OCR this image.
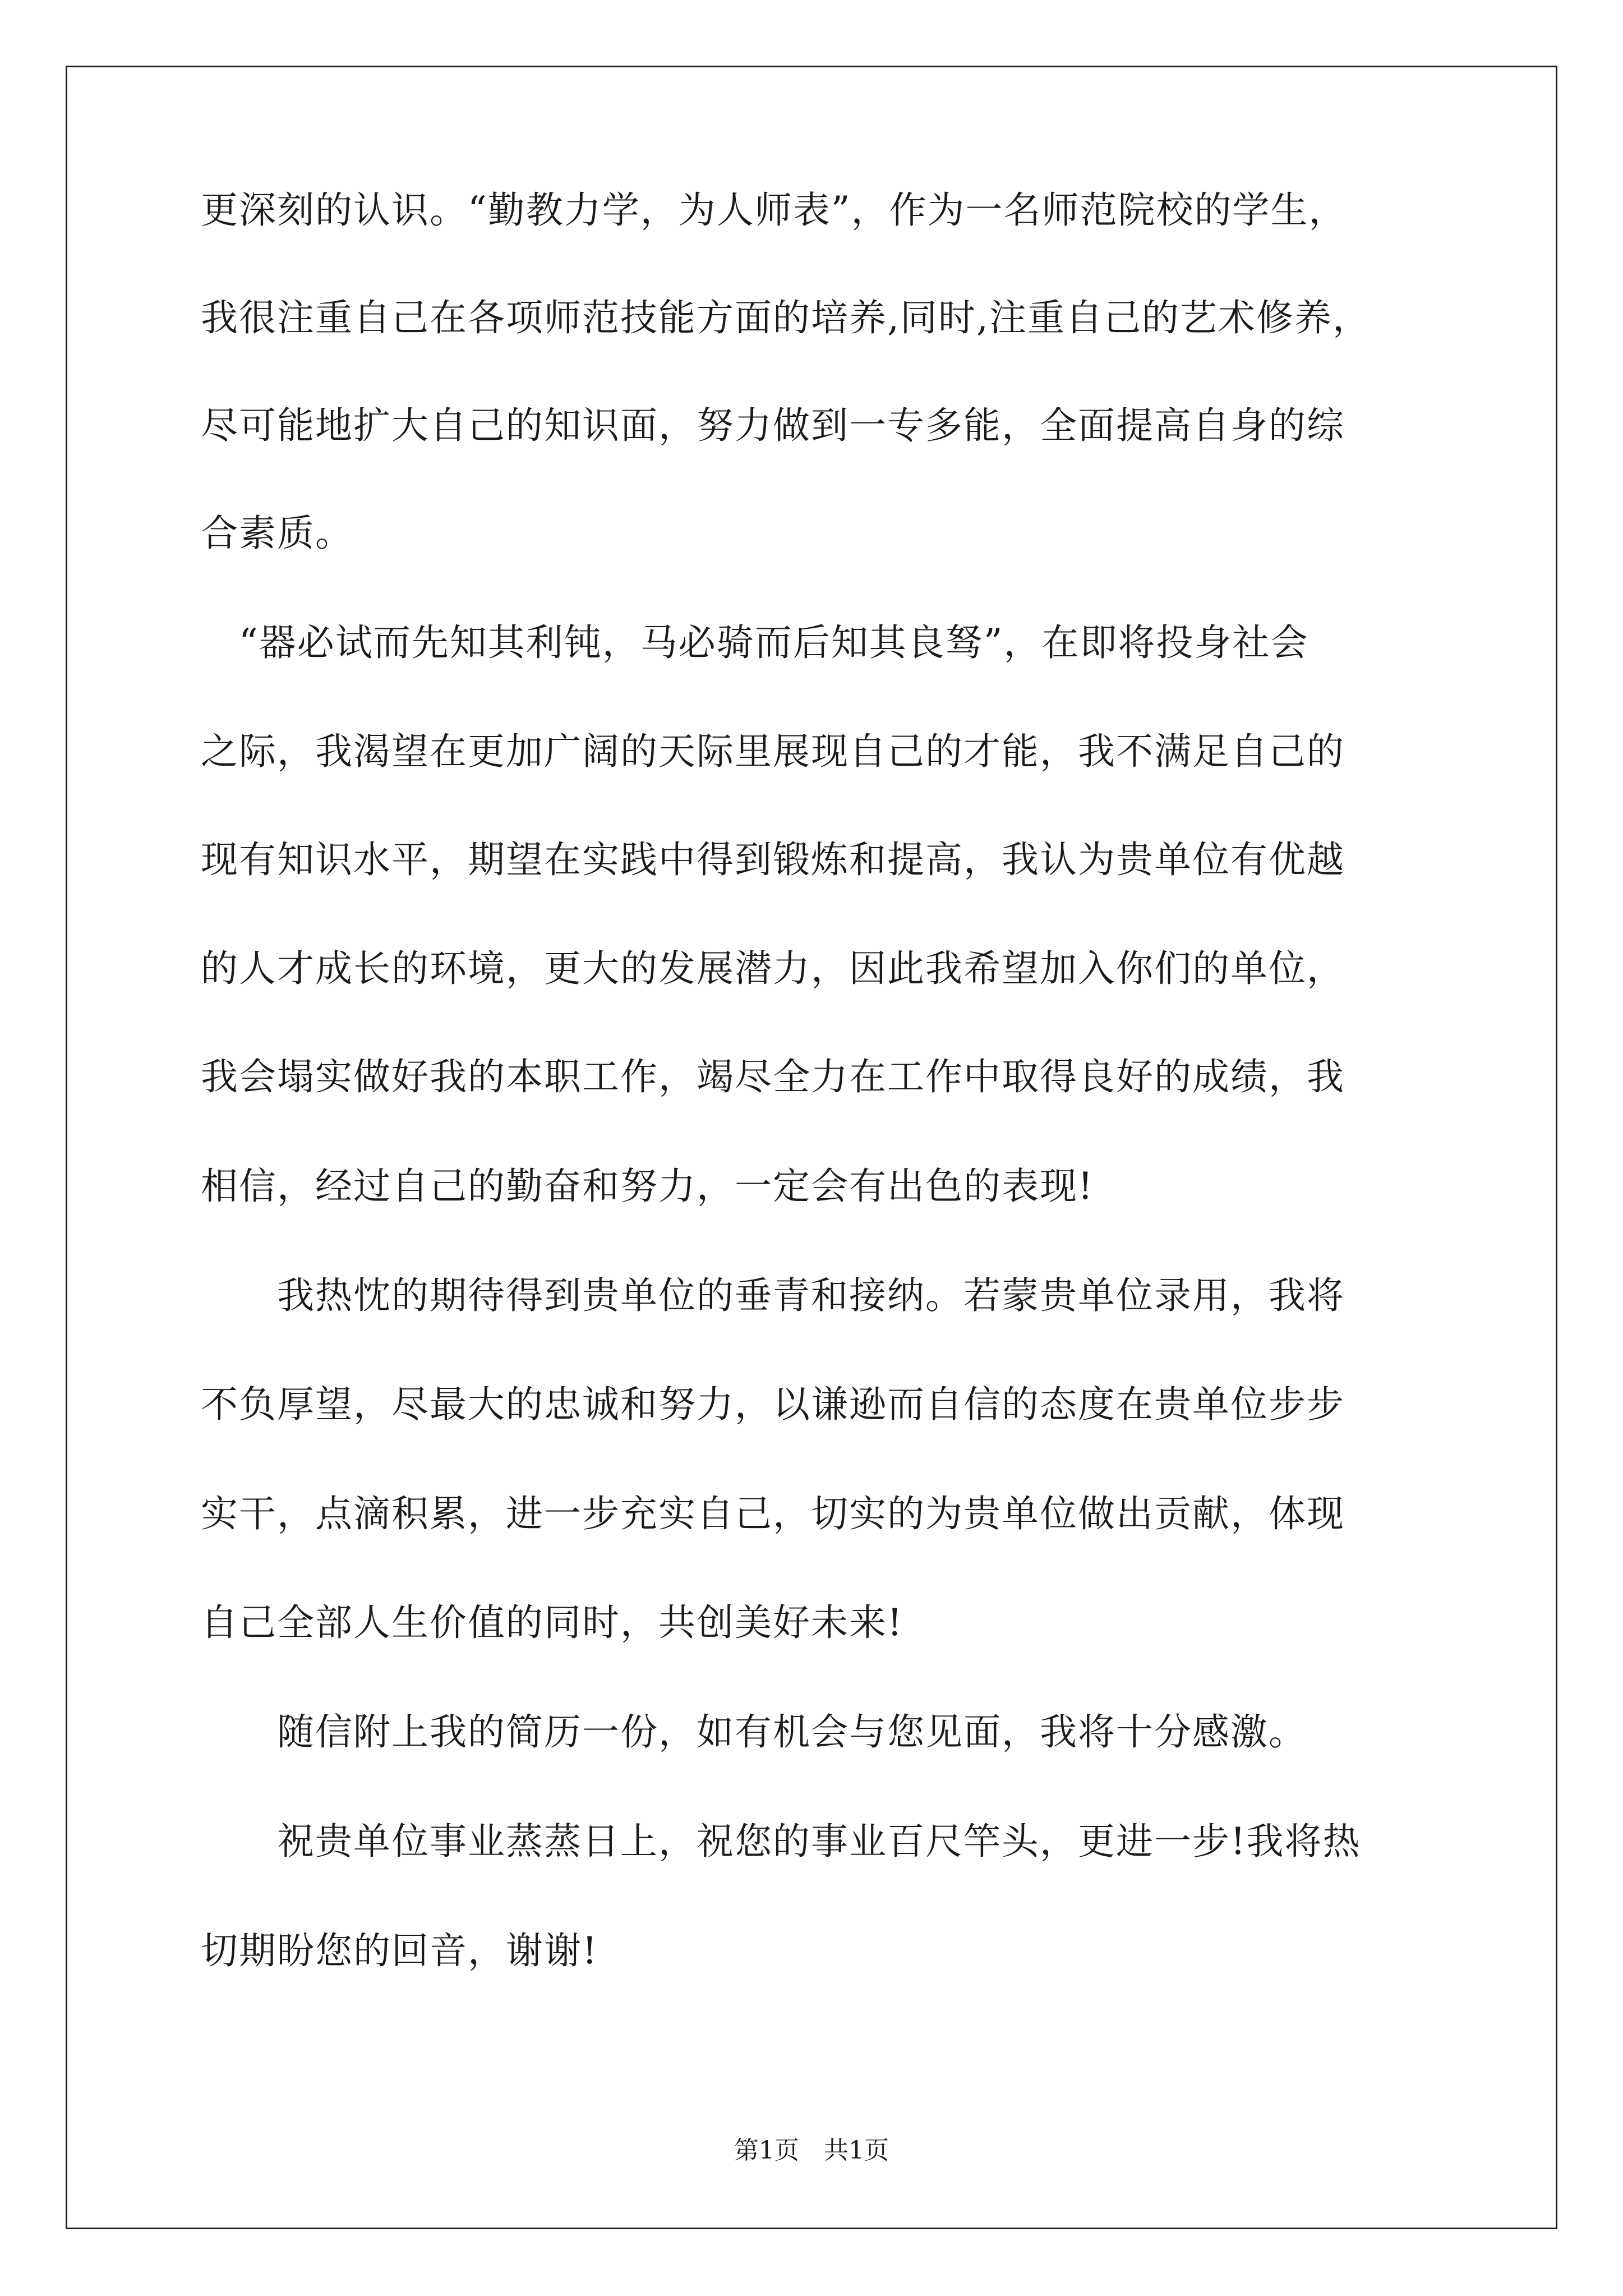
更深刻的认识。“勤教力学，为人师表”，作为一名师范院校的学生，

我很注重自己在各项师范技能方面的培养,同时,注重自己的艺术修养，

尽可能地扩大自己的知识面，努力做到一专多能，全面提高自身的综

合素质。

　“器必试而先知其利钝，马必骑而后知其良驽”，在即将投身社会

之际，我渴望在更加广阔的天际里展现自己的才能，我不满足自己的

现有知识水平，期望在实践中得到锻炼和提高，我认为贵单位有优越

的人才成长的环境，更大的发展潜力，因此我希望加入你们的单位，

我会塌实做好我的本职工作，竭尽全力在工作中取得良好的成绩，我

相信，经过自己的勤奋和努力，一定会有出色的表现!

　　我热忱的期待得到贵单位的垂青和接纳。若蒙贵单位录用，我将

不负厚望，尽最大的忠诚和努力，以谦逊而自信的态度在贵单位步步

实干，点滴积累，进一步充实自己，切实的为贵单位做出贡献，体现

自己全部人生价值的同时，共创美好未来!

　　随信附上我的简历一份，如有机会与您见面，我将十分感激。

　　祝贵单位事业蒸蒸日上，祝您的事业百尺竿头，更进一步!我将热

切期盼您的回音，谢谢!

第1页　共1页
